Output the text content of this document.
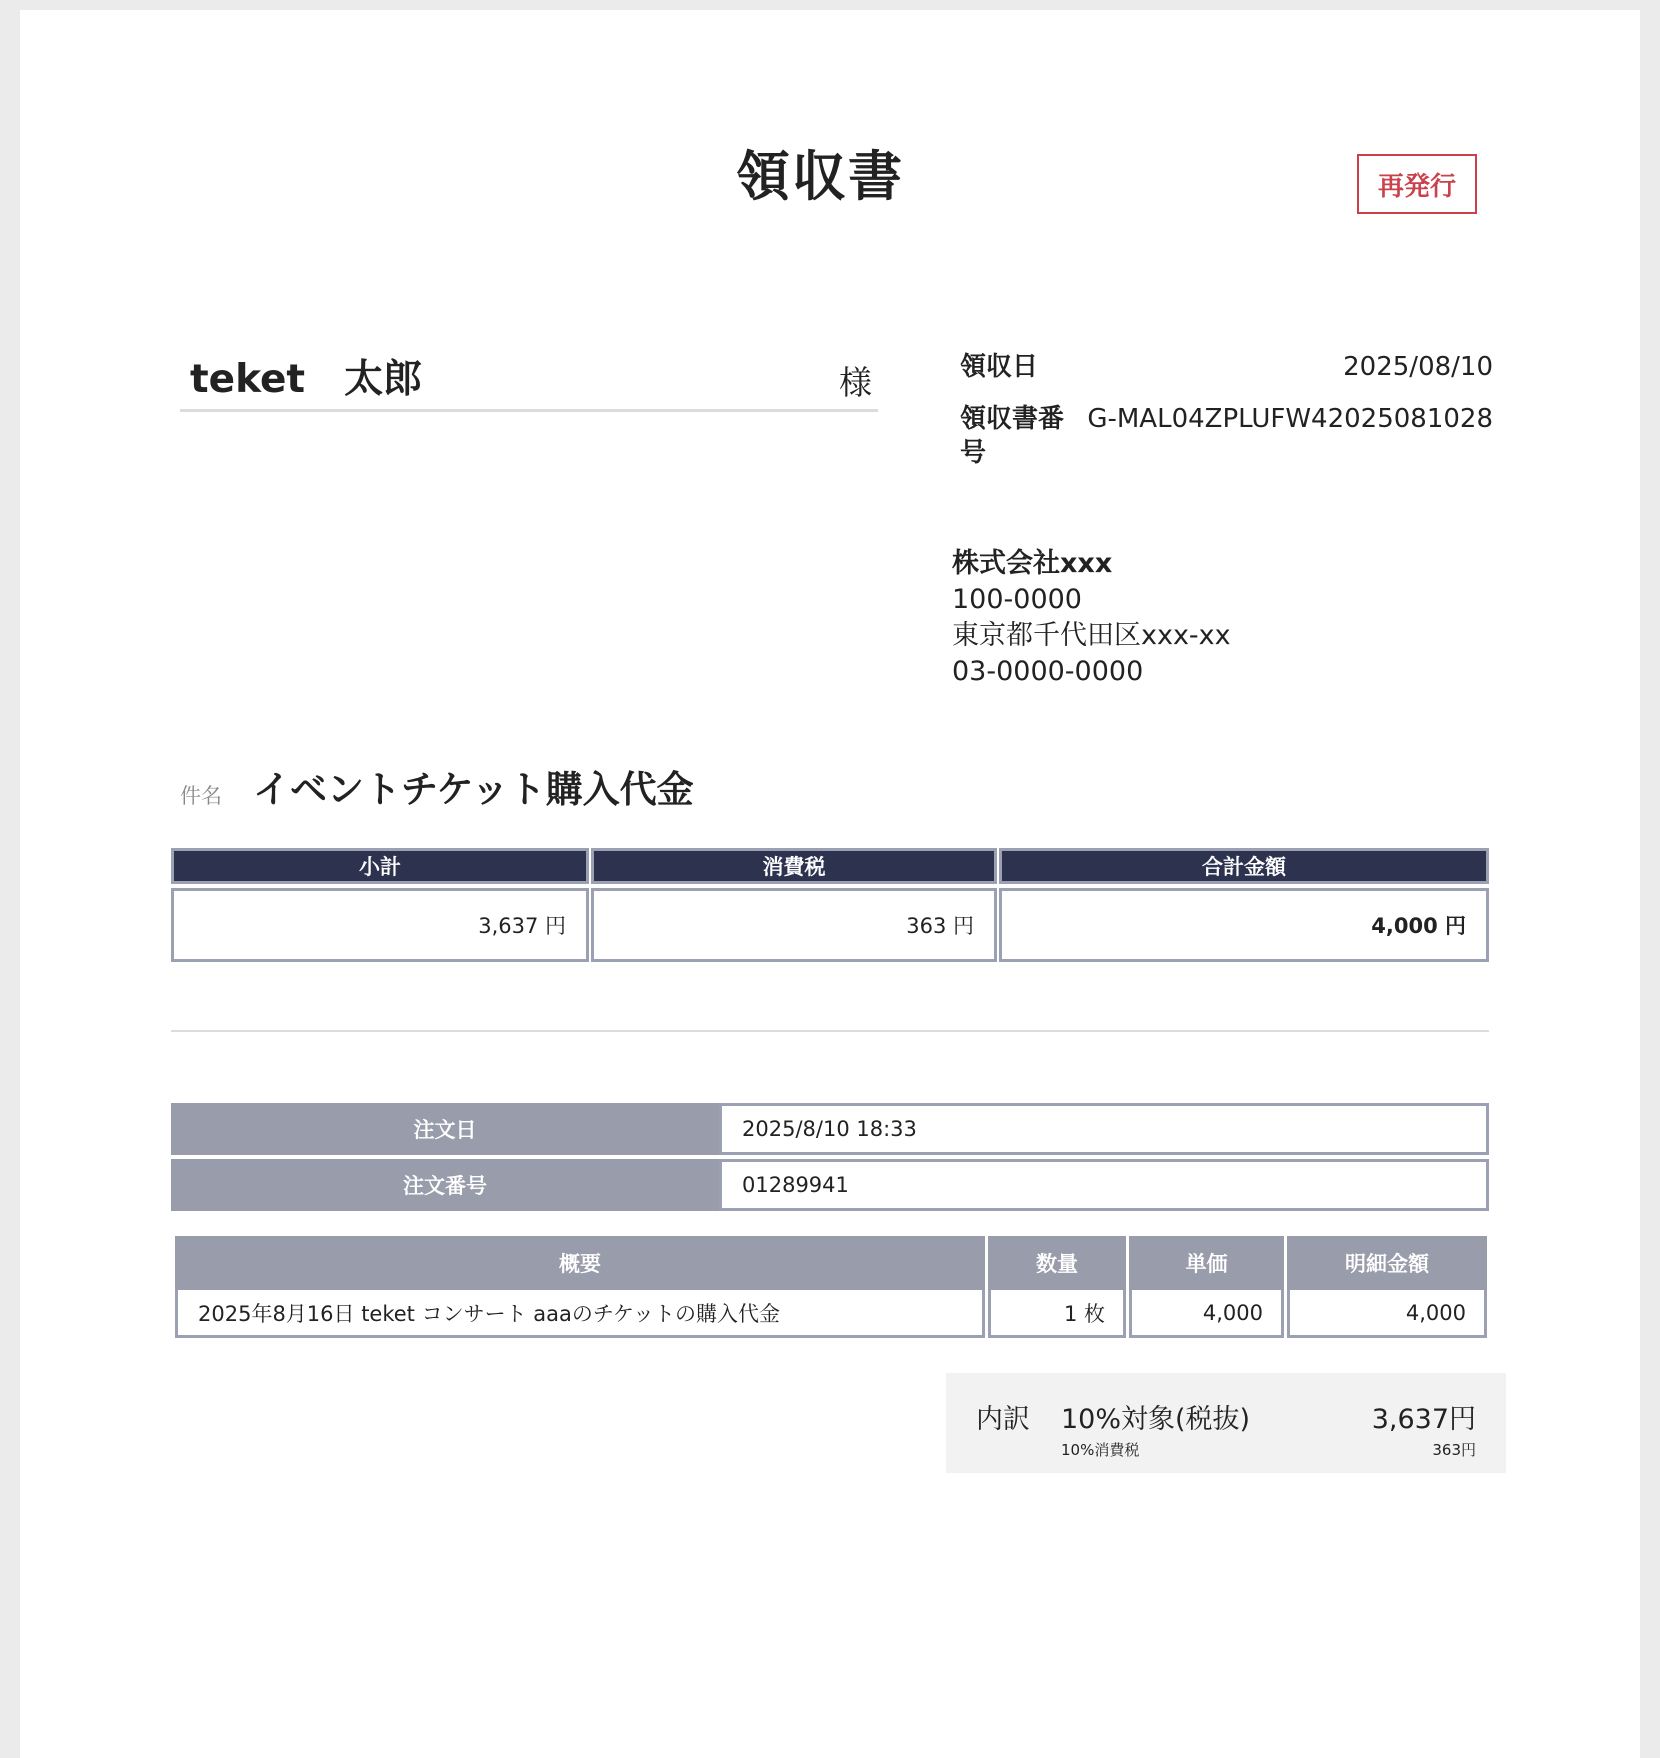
領収書	再発行
teket　太郎	様	領収日	2025/08/10
領収書番号
G-MAL04ZPLUFW42025081028
株式会社xxx
100-0000
東京都千代田区xxx-xx
03-0000-0000
件名 イベントチケット購入代金
小計	消費税	合計金額
3,637 円	363 円	4,000 円
注文日	2025/8/10 18:33
注文番号	01289941
概要	数量	単価	明細金額
2025年8月16日 teket コンサート aaaのチケットの購入代金	1 枚	4,000	4,000
内訳 10%対象(税抜)	3,637円
10%消費税	363円
